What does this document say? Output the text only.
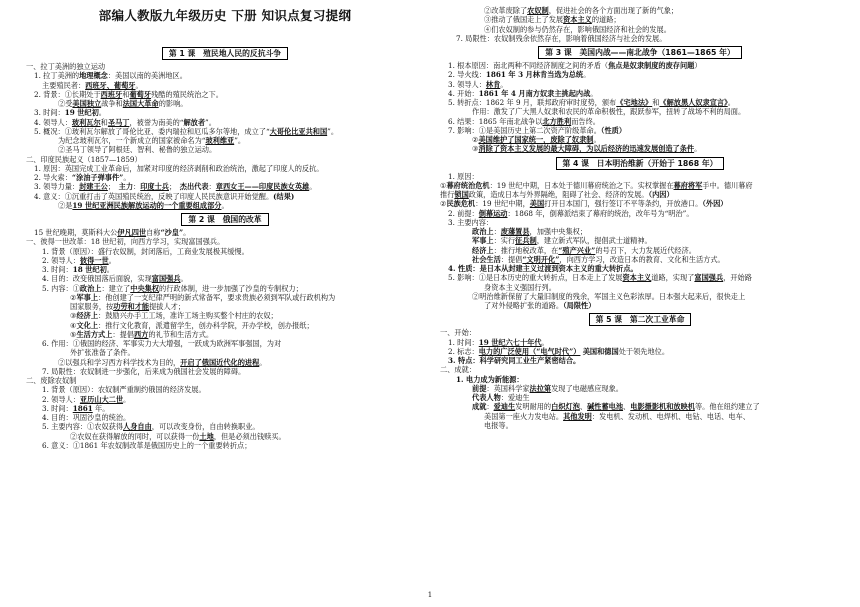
部编人教版九年级历史 下册 知识点复习提纲
第 1 课　殖民地人民的反抗斗争
一、拉丁美洲的独立运动
1. 拉丁美洲的地理概念：美国以南的美洲地区。
主要殖民者：西班牙、葡萄牙。
2. 背景：①长期处于西班牙和葡萄牙残酷的殖民统治之下。
②受美国独立战争和法国大革命的影响。
3. 时间：19 世纪初。
4. 领导人：玻利瓦尔和圣马丁，被誉为南美的“解放者”。
5. 概况：①玻利瓦尔解放了哥伦比亚、委内瑞拉和厄瓜多尔等地，成立了“大哥伦比亚共和国”。
为纪念玻利瓦尔，一个新成立的国家被命名为“玻利维亚”。
②圣马丁领导了阿根廷、智利、秘鲁的独立运动。
二、印度民族起义（1857—1859）
1. 原因：英国完成工业革命后，加紧对印度的经济剥削和政治统治，激起了印度人的反抗。
2. 导火索：“涂油子弹事件”。
3. 领导力量：封建王公；　主力：印度士兵；　杰出代表：章西女王——印度民族女英雄。
4. 意义：①沉重打击了英国殖民统治，反映了印度人民民族意识开始觉醒。(结果)
②是19 世纪亚洲民族解放运动的一个重要组成部分。
第 2 课　俄国的改革
15 世纪晚期，莫斯科大公伊凡四世自称“沙皇”。
一、彼得一世改革：18 世纪初，向西方学习，实现富国强兵。
1. 背景（原因）：盛行农奴制，封闭落后，工商业发展极其缓慢。
2. 领导人：彼得一世。
3. 时间：18 世纪初。
4. 目的：改变俄国落后面貌，实现富国强兵。
5. 内容：①政治上：建立了中央集权的行政体制，进一步加强了沙皇的专制权力；
②军事上：他创建了一支纪律严明的新式常备军，要求贵族必须到军队或行政机构为
国家服务，按功劳和才能提拔人才；
③经济上：鼓励兴办手工工场，准许工场主购买整个村庄的农奴；
④文化上：推行文化教育，派遣留学生，创办科学院，开办学校，创办报纸；
⑤生活方式上：提倡西方的礼节和生活方式。
6. 作用：①俄国的经济、军事实力大大增强，一跃成为欧洲军事强国，为对
外扩张准备了条件。
②以强兵和学习西方科学技术为目的，开启了俄国近代化的进程。
7. 局限性：农奴制进一步强化，后来成为俄国社会发展的障碍。
二、废除农奴制
1. 背景（原因）：农奴制严重制约俄国的经济发展。
2. 领导人：亚历山大二世。
3. 时间：1861 年。
4. 目的：巩固沙皇的统治。
5. 主要内容：①农奴获得人身自由，可以改变身份，自由转换职业。
②农奴在获得解放的同时，可以获得一份土地，但是必须出钱赎买。
6. 意义：①1861 年农奴制改革是俄国历史上的一个重要转折点；
②改革废除了农奴制，促进社会的各个方面出现了新的气象；
③推动了俄国走上了发展资本主义的道路；
④们农奴制的参与仍然存在，影响俄国经济和社会的发展。
7. 局限性：农奴制残余依然存在，影响着俄国经济与社会的发展。
第 3 课　美国内战——南北战争（1861—1865 年）
1. 根本原因：南北两种不同经济制度之间的矛盾（焦点是奴隶制度的废存问题）
2. 导火线：1861 年 3 月林肯当选为总统。
3. 领导人：林肯。
4. 开始：1861 年 4 月南方奴隶主挑起内战。
5. 转折点：1862 年 9 月，联邦政府审时度势，颁布《宅地法》和《解放黑人奴隶宣言》。
作用：激发了广大黑人奴隶和农民的革命积极性，跟跃参军，扭转了战场不利的局面。
6. 结果：1865 年南北战争以北方胜利而告终。
7. 影响：①是美国历史上第二次资产阶级革命。（性质）
②美国维护了国家统一，废除了奴隶制。
③消除了资本主义发展的最大障碍，为以后经济的迅速发展创造了条件。
第 4 课　日本明治维新（开始于 1868 年）
1. 原因：
①幕府统治危机：19 世纪中期，日本处于德川幕府统治之下。实权掌握在幕府将军手中。德川幕府
推行锁国政策，造成日本与外界隔绝，阻碍了社会、经济的发展。（内因）
②民族危机：19 世纪中期，美国打开日本国门，强行签订不平等条约，开放港口。（外因）
2. 前提：倒幕运动：1868 年，倒幕派结束了幕府的统治，改年号为“明治”。
3. 主要内容：
政治上：废藩置县，加强中央集权；
军事上：实行征兵制，建立新式军队，提倡武士道精神。
经济上：推行地税改革，在“殖产兴业”的号召下，大力发展近代经济。
社会生活：提倡“文明开化”，向西方学习，改造日本的教育、文化和生活方式。
4. 性质：是日本从封建主义过渡到资本主义的重大转折点。
5. 影响：①是日本历史的重大转折点，日本走上了发展资本主义道路，实现了富国强兵，开始路
身资本主义强国行列。
②明治维新保留了大量旧制度的残余，军国主义色彩浓厚。日本强大起来后，很快走上
了对外侵略扩张的道路。（局限性）
第 5 课　第二次工业革命
一、开始：
1. 时间：19 世纪六七十年代。
2. 标志：电力的广泛使用（“电气时代”） 美国和德国处于领先地位。
3. 特点：科学研究同工业生产紧密结合。
二、成就：
1. 电力成为新能源：
前提：英国科学家法拉第发现了电磁感应现象。
代表人物：爱迪生
成就：爱迪生发明耐用的白炽灯泡、碱性蓄电池、电影摄影机和放映机等。他在纽约建立了
美国第一座火力发电站。其他发明：发电机、发动机、电焊机、电钻、电话、电车、
电报等。
1
